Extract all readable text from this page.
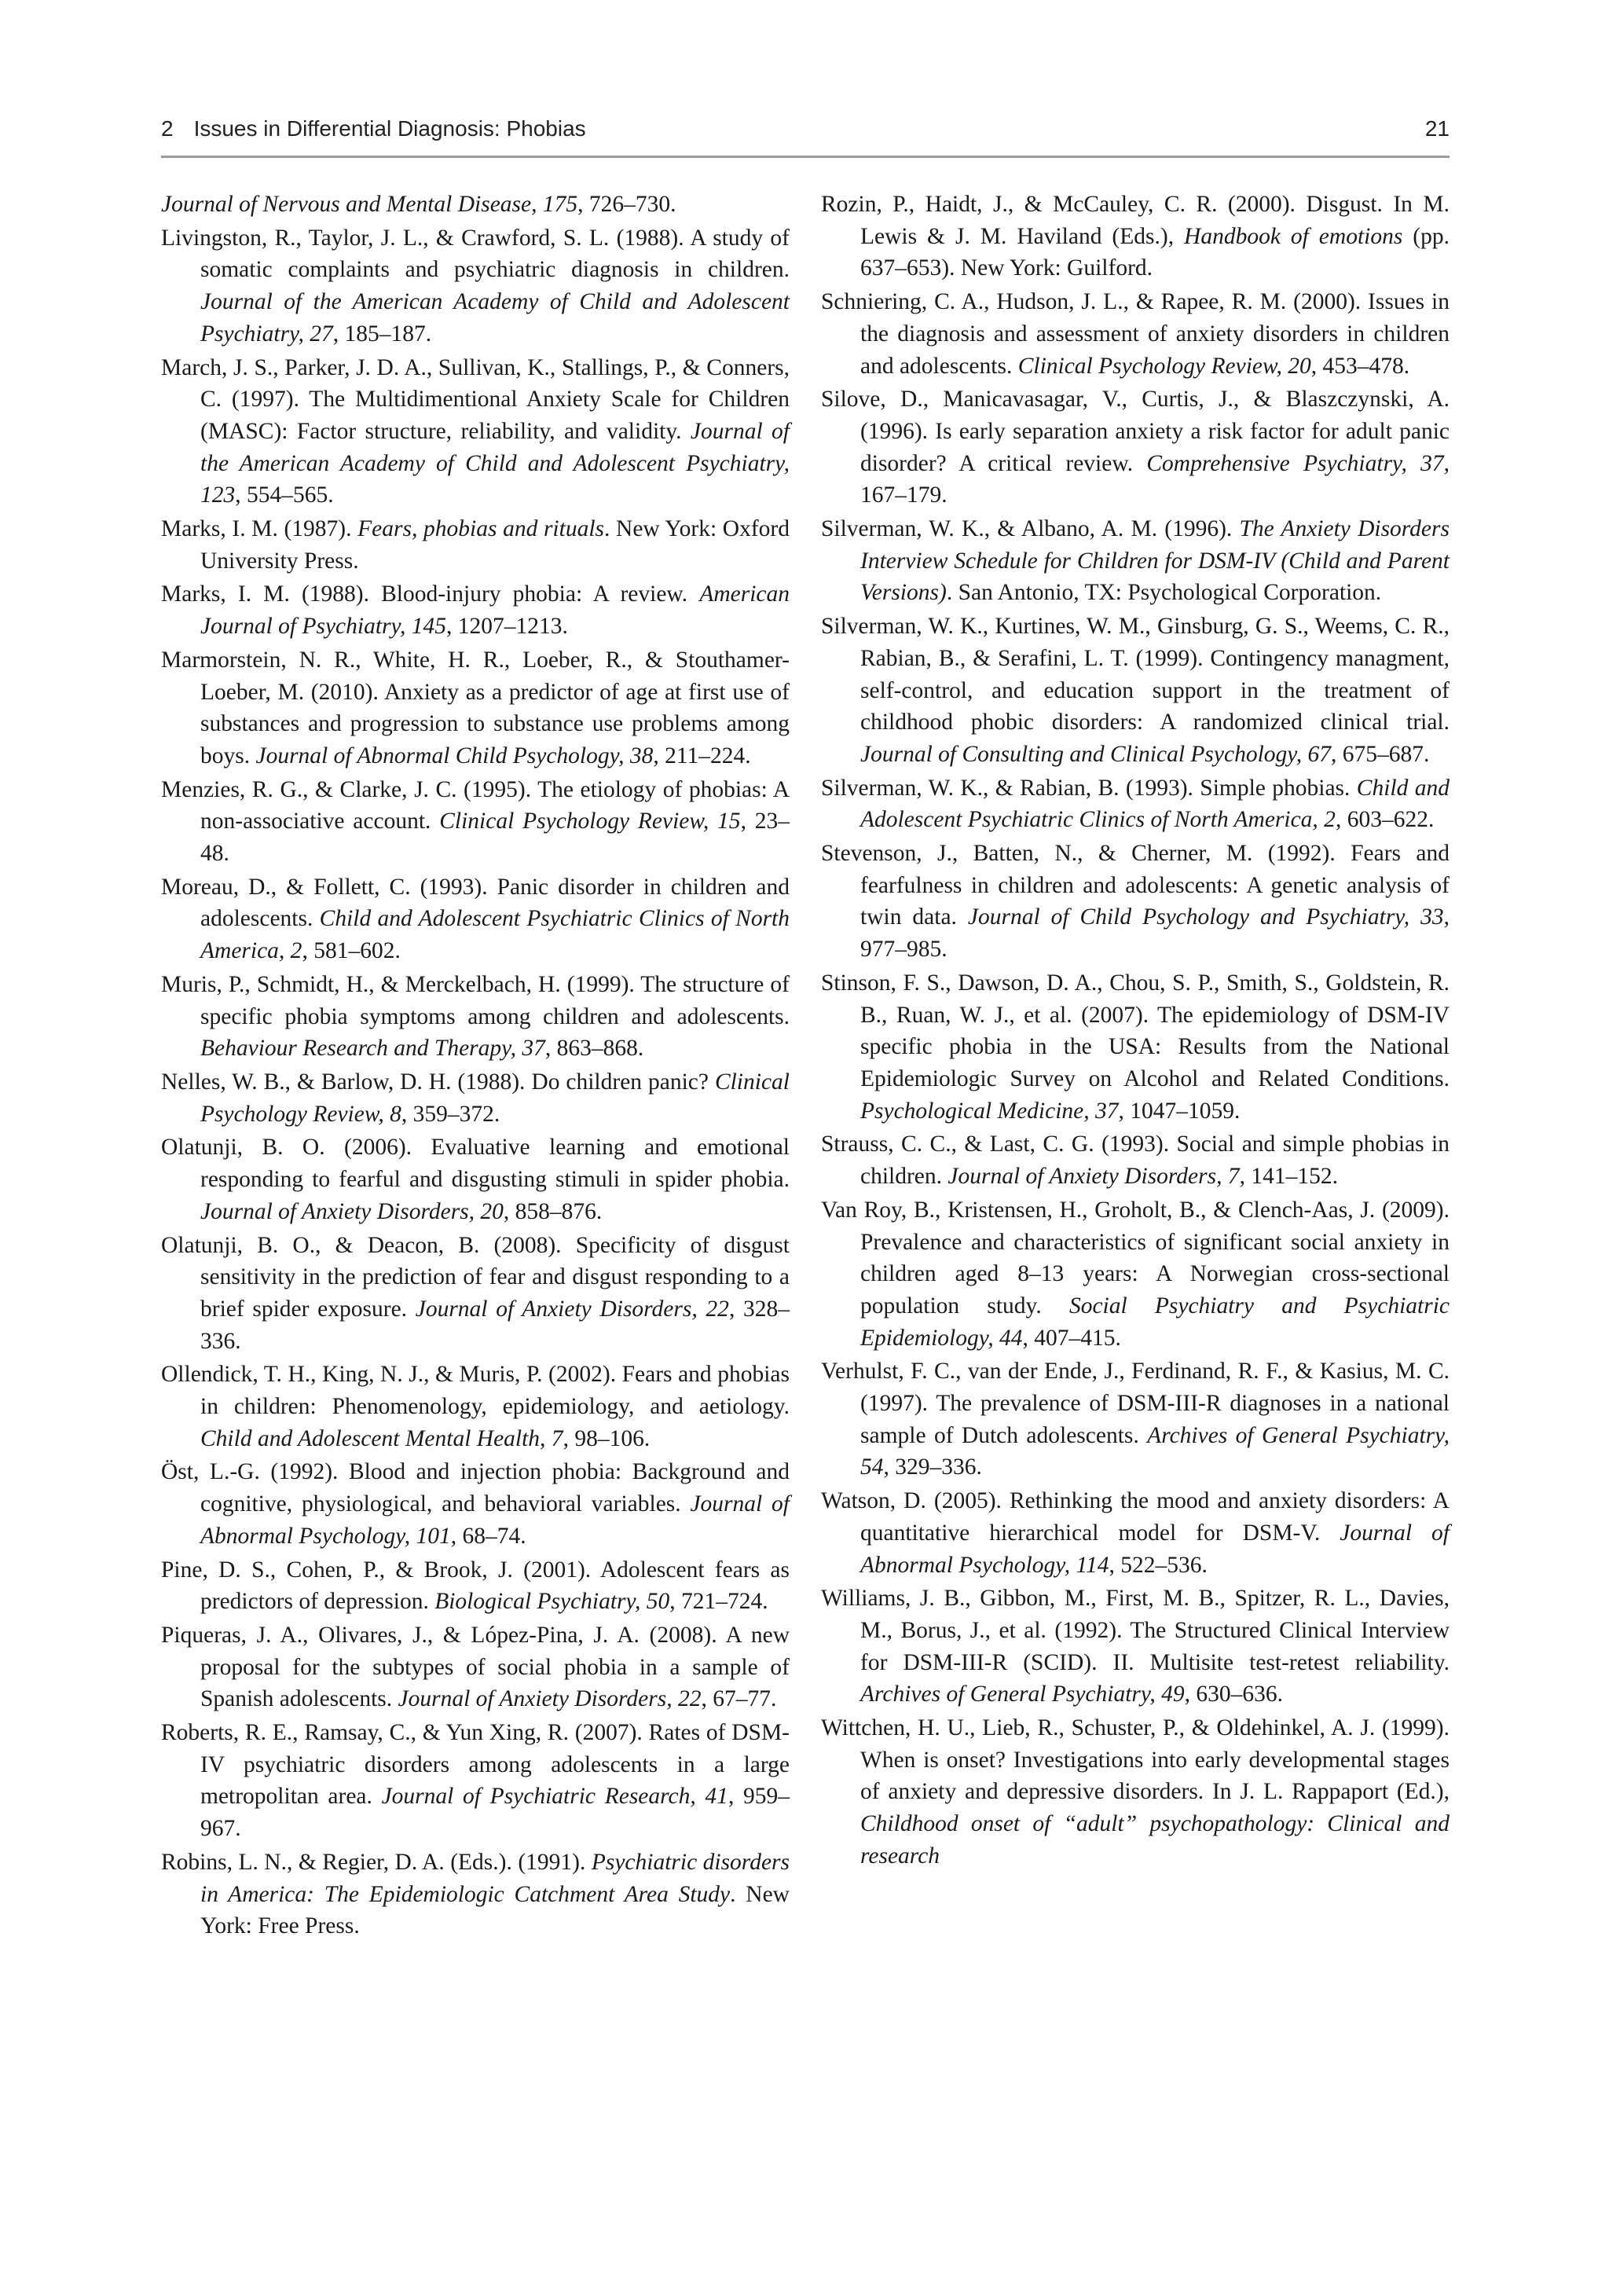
2 Issues in Differential Diagnosis: Phobias	21

Journal of Nervous and Mental Disease, 175, 726–730.

Livingston, R., Taylor, J. L., & Crawford, S. L. (1988). A study of somatic complaints and psychiatric diagnosis in children. Journal of the American Academy of Child and Adolescent Psychiatry, 27, 185–187.

March, J. S., Parker, J. D. A., Sullivan, K., Stallings, P., & Conners, C. (1997). The Multidimentional Anxiety Scale for Children (MASC): Factor structure, reliability, and validity. Journal of the American Academy of Child and Adolescent Psychiatry, 123, 554–565.

Marks, I. M. (1987). Fears, phobias and rituals. New York: Oxford University Press.

Marks, I. M. (1988). Blood-injury phobia: A review. American Journal of Psychiatry, 145, 1207–1213.

Marmorstein, N. R., White, H. R., Loeber, R., & Stouthamer-Loeber, M. (2010). Anxiety as a predictor of age at first use of substances and progression to substance use problems among boys. Journal of Abnormal Child Psychology, 38, 211–224.

Menzies, R. G., & Clarke, J. C. (1995). The etiology of phobias: A non-associative account. Clinical Psychology Review, 15, 23–48.

Moreau, D., & Follett, C. (1993). Panic disorder in children and adolescents. Child and Adolescent Psychiatric Clinics of North America, 2, 581–602.

Muris, P., Schmidt, H., & Merckelbach, H. (1999). The structure of specific phobia symptoms among children and adolescents. Behaviour Research and Therapy, 37, 863–868.

Nelles, W. B., & Barlow, D. H. (1988). Do children panic? Clinical Psychology Review, 8, 359–372.

Olatunji, B. O. (2006). Evaluative learning and emotional responding to fearful and disgusting stimuli in spider phobia. Journal of Anxiety Disorders, 20, 858–876.

Olatunji, B. O., & Deacon, B. (2008). Specificity of disgust sensitivity in the prediction of fear and disgust responding to a brief spider exposure. Journal of Anxiety Disorders, 22, 328–336.

Ollendick, T. H., King, N. J., & Muris, P. (2002). Fears and phobias in children: Phenomenology, epidemiology, and aetiology. Child and Adolescent Mental Health, 7, 98–106.

Öst, L.-G. (1992). Blood and injection phobia: Background and cognitive, physiological, and behavioral variables. Journal of Abnormal Psychology, 101, 68–74.

Pine, D. S., Cohen, P., & Brook, J. (2001). Adolescent fears as predictors of depression. Biological Psychiatry, 50, 721–724.

Piqueras, J. A., Olivares, J., & López-Pina, J. A. (2008). A new proposal for the subtypes of social phobia in a sample of Spanish adolescents. Journal of Anxiety Disorders, 22, 67–77.

Roberts, R. E., Ramsay, C., & Yun Xing, R. (2007). Rates of DSM-IV psychiatric disorders among adolescents in a large metropolitan area. Journal of Psychiatric Research, 41, 959–967.

Robins, L. N., & Regier, D. A. (Eds.). (1991). Psychiatric disorders in America: The Epidemiologic Catchment Area Study. New York: Free Press.

Rozin, P., Haidt, J., & McCauley, C. R. (2000). Disgust. In M. Lewis & J. M. Haviland (Eds.), Handbook of emotions (pp. 637–653). New York: Guilford.

Schniering, C. A., Hudson, J. L., & Rapee, R. M. (2000). Issues in the diagnosis and assessment of anxiety disorders in children and adolescents. Clinical Psychology Review, 20, 453–478.

Silove, D., Manicavasagar, V., Curtis, J., & Blaszczynski, A. (1996). Is early separation anxiety a risk factor for adult panic disorder? A critical review. Comprehensive Psychiatry, 37, 167–179.

Silverman, W. K., & Albano, A. M. (1996). The Anxiety Disorders Interview Schedule for Children for DSM-IV (Child and Parent Versions). San Antonio, TX: Psychological Corporation.

Silverman, W. K., Kurtines, W. M., Ginsburg, G. S., Weems, C. R., Rabian, B., & Serafini, L. T. (1999). Contingency managment, self-control, and education support in the treatment of childhood phobic disorders: A randomized clinical trial. Journal of Consulting and Clinical Psychology, 67, 675–687.

Silverman, W. K., & Rabian, B. (1993). Simple phobias. Child and Adolescent Psychiatric Clinics of North America, 2, 603–622.

Stevenson, J., Batten, N., & Cherner, M. (1992). Fears and fearfulness in children and adolescents: A genetic analysis of twin data. Journal of Child Psychology and Psychiatry, 33, 977–985.

Stinson, F. S., Dawson, D. A., Chou, S. P., Smith, S., Goldstein, R. B., Ruan, W. J., et al. (2007). The epidemiology of DSM-IV specific phobia in the USA: Results from the National Epidemiologic Survey on Alcohol and Related Conditions. Psychological Medicine, 37, 1047–1059.

Strauss, C. C., & Last, C. G. (1993). Social and simple phobias in children. Journal of Anxiety Disorders, 7, 141–152.

Van Roy, B., Kristensen, H., Groholt, B., & Clench-Aas, J. (2009). Prevalence and characteristics of significant social anxiety in children aged 8–13 years: A Norwegian cross-sectional population study. Social Psychiatry and Psychiatric Epidemiology, 44, 407–415.

Verhulst, F. C., van der Ende, J., Ferdinand, R. F., & Kasius, M. C. (1997). The prevalence of DSM-III-R diagnoses in a national sample of Dutch adolescents. Archives of General Psychiatry, 54, 329–336.

Watson, D. (2005). Rethinking the mood and anxiety disorders: A quantitative hierarchical model for DSM-V. Journal of Abnormal Psychology, 114, 522–536.

Williams, J. B., Gibbon, M., First, M. B., Spitzer, R. L., Davies, M., Borus, J., et al. (1992). The Structured Clinical Interview for DSM-III-R (SCID). II. Multisite test-retest reliability. Archives of General Psychiatry, 49, 630–636.

Wittchen, H. U., Lieb, R., Schuster, P., & Oldehinkel, A. J. (1999). When is onset? Investigations into early developmental stages of anxiety and depressive disorders. In J. L. Rappaport (Ed.), Childhood onset of “adult” psychopathology: Clinical and research
